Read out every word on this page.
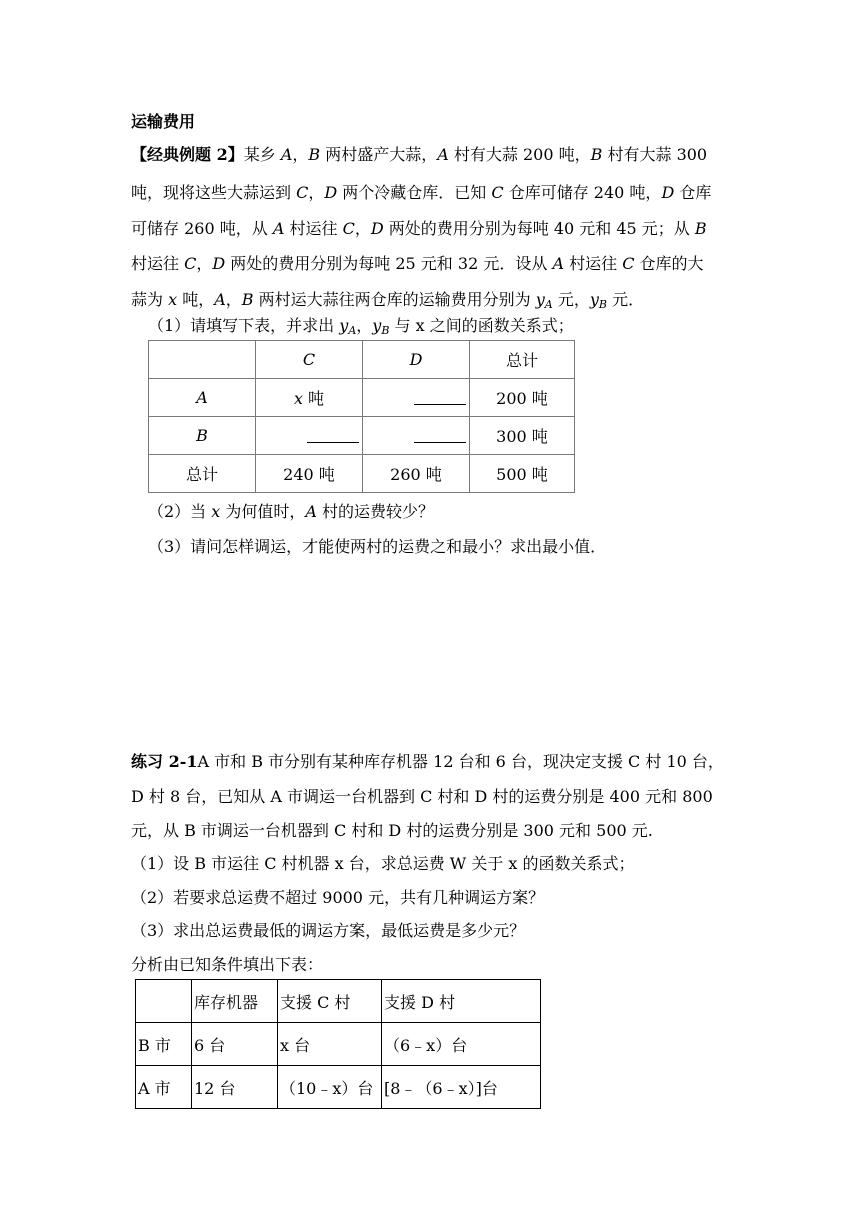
运输费用
【经典例题 2】某乡 A，B 两村盛产大蒜，A 村有大蒜 200 吨，B 村有大蒜 300
吨，现将这些大蒜运到 C，D 两个冷藏仓库．已知 C 仓库可储存 240 吨，D 仓库
可储存 260 吨，从 A 村运往 C，D 两处的费用分别为每吨 40 元和 45 元；从 B
村运往 C，D 两处的费用分别为每吨 25 元和 32 元．设从 A 村运往 C 仓库的大
蒜为 x 吨，A，B 两村运大蒜往两仓库的运输费用分别为 $y_A$ 元，$y_B$ 元．
（1）请填写下表，并求出 $y_A$，$y_B$ 与 x 之间的函数关系式；
	C	D	总计
A	x 吨		200 吨
B			300 吨
总计	240 吨	260 吨	500 吨
（2）当 x 为何值时，A 村的运费较少？
（3）请问怎样调运，才能使两村的运费之和最小？求出最小值．
练习 2-1A 市和 B 市分别有某种库存机器 12 台和 6 台，现决定支援 C 村 10 台，
D 村 8 台，已知从 A 市调运一台机器到 C 村和 D 村的运费分别是 400 元和 800
元，从 B 市调运一台机器到 C 村和 D 村的运费分别是 300 元和 500 元.
（1）设 B 市运往 C 村机器 x 台，求总运费 W 关于 x 的函数关系式；
（2）若要求总运费不超过 9000 元，共有几种调运方案？
（3）求出总运费最低的调运方案，最低运费是多少元？
分析由已知条件填出下表：
	库存机器	支援 C 村	支援 D 村
B 市	6 台	x 台	（6﹣x）台
A 市	12 台	（10﹣x）台	[8﹣（6﹣x）]台
